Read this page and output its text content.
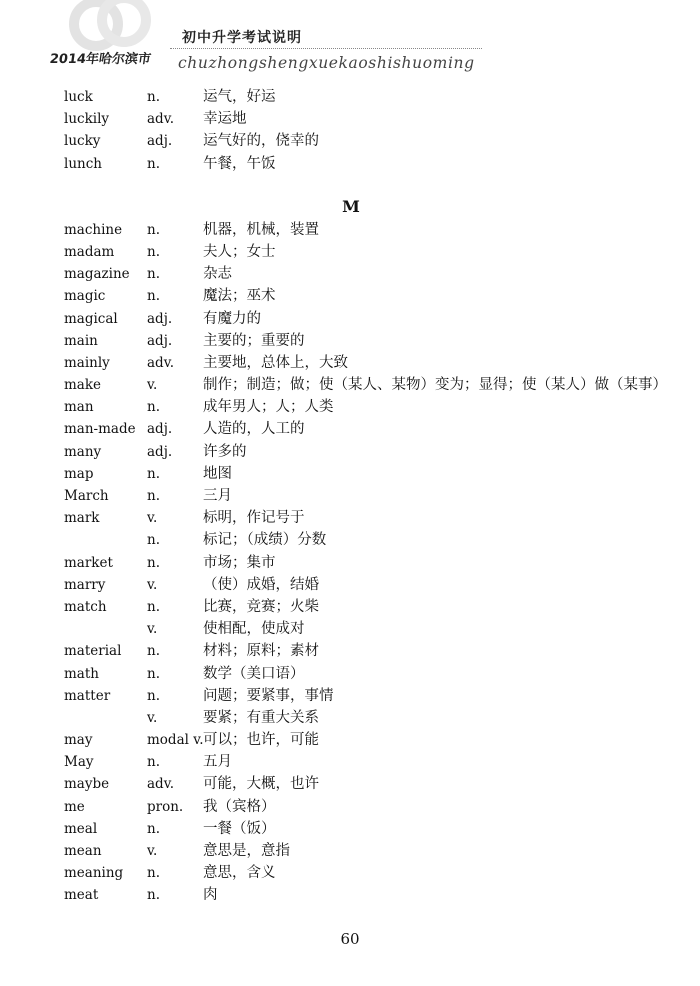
初中升学考试说明
2014年哈尔滨市 chuzhongshengxuekaoshishuoming
luck	n.	运气，好运
luckily	adv. 幸运地
lucky	adj. 运气好的，侥幸的
lunch	n.	午餐，午饭
M
machine n.	机器，机械，装置
madam n.	夫人；女士
magazine n.	杂志
magic	n.	魔法；巫术
magical adj. 有魔力的
main	adj. 主要的；重要的
mainly	adv. 主要地，总体上，大致
make	v.	制作；制造；做；使（某人、某物）变为；显得；使（某人）做（某事）
man	n.	成年男人；人；人类
man-made adj. 人造的，人工的
many	adj. 许多的
map	n.	地图
March	n.	三月
mark	v.	标明，作记号于
n.	标记；（成绩）分数
market	n.	市场；集市
marry	v.	（使）成婚，结婚
match	n.	比赛，竞赛；火柴
v.	使相配，使成对
material n.	材料；原料；素材
math	n.	数学（美口语）
matter	n.	问题；要紧事，事情
v.	要紧；有重大关系
may	modal v. 可以；也许，可能
May	n.	五月
maybe	adv. 可能，大概，也许
me	pron. 我（宾格）
meal	n.	一餐（饭）
mean	v.	意思是，意指
meaning n.	意思，含义
meat	n.	肉
60
